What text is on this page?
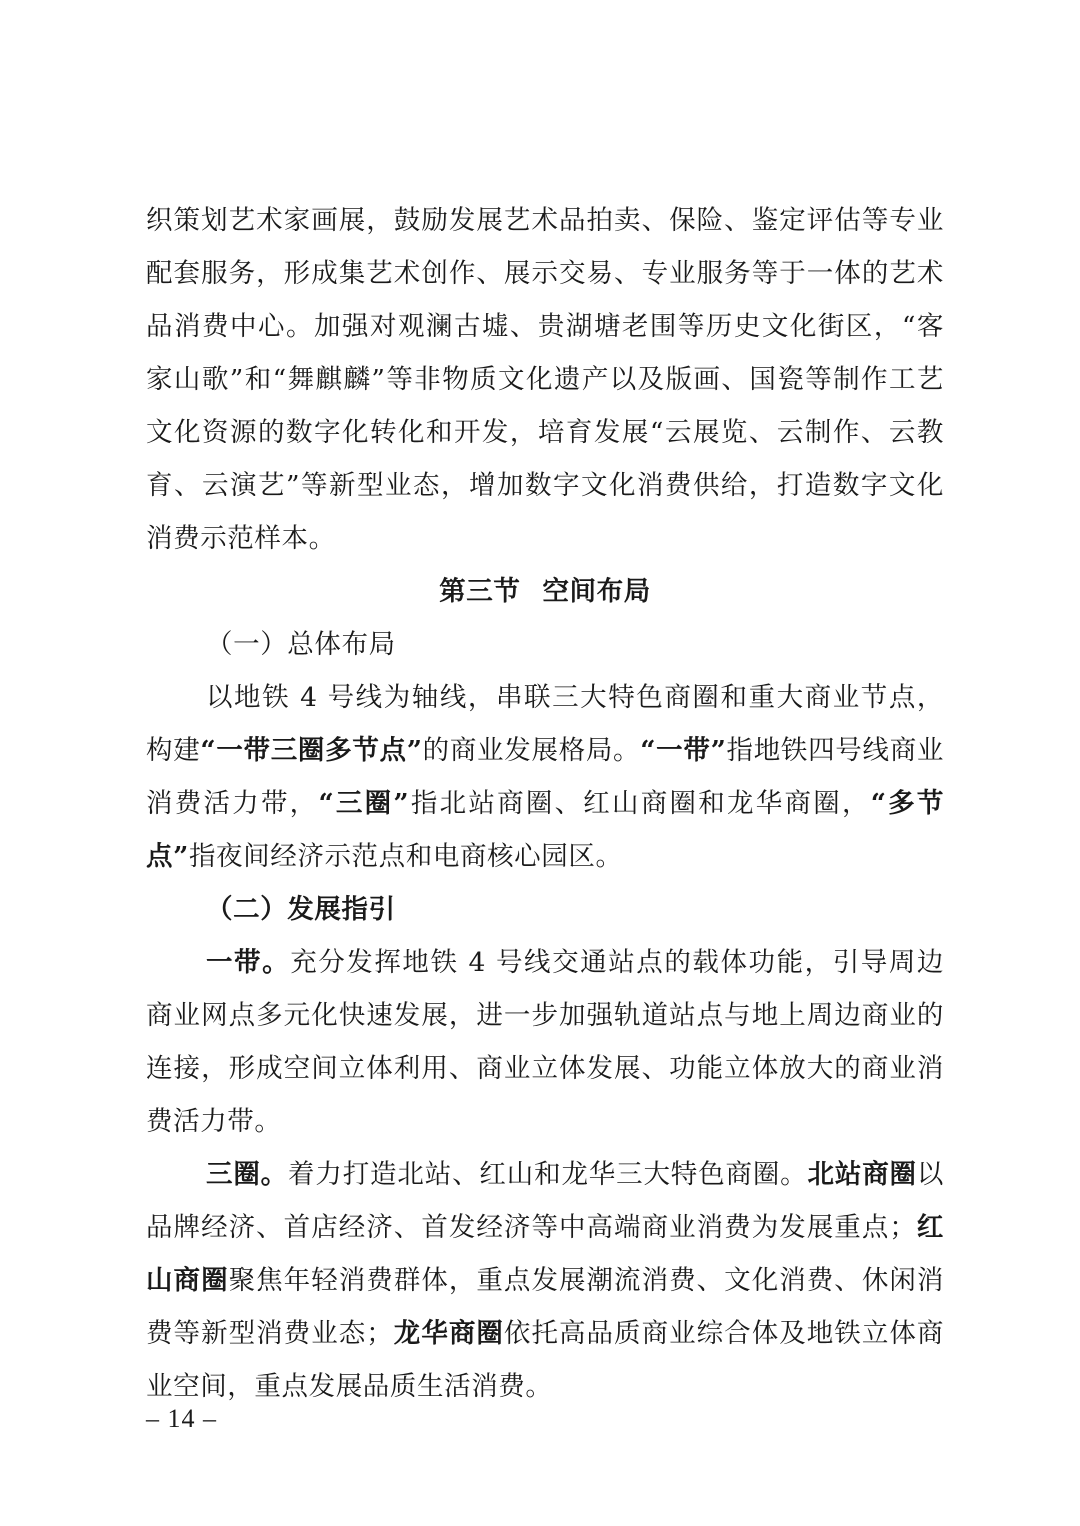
织策划艺术家画展，鼓励发展艺术品拍卖、保险、鉴定评估等专业配套服务，形成集艺术创作、展示交易、专业服务等于一体的艺术品消费中心。加强对观澜古墟、贵湖塘老围等历史文化街区，“客家山歌”和“舞麒麟”等非物质文化遗产以及版画、国瓷等制作工艺文化资源的数字化转化和开发，培育发展“云展览、云制作、云教育、云演艺”等新型业态，增加数字文化消费供给，打造数字文化消费示范样本。

第三节 空间布局

（一）总体布局

以地铁 4 号线为轴线，串联三大特色商圈和重大商业节点，构建“一带三圈多节点”的商业发展格局。“一带”指地铁四号线商业消费活力带，“三圈”指北站商圈、红山商圈和龙华商圈，“多节点”指夜间经济示范点和电商核心园区。

（二）发展指引

一带。充分发挥地铁 4 号线交通站点的载体功能，引导周边商业网点多元化快速发展，进一步加强轨道站点与地上周边商业的连接，形成空间立体利用、商业立体发展、功能立体放大的商业消费活力带。

三圈。着力打造北站、红山和龙华三大特色商圈。北站商圈以品牌经济、首店经济、首发经济等中高端商业消费为发展重点；红山商圈聚焦年轻消费群体，重点发展潮流消费、文化消费、休闲消费等新型消费业态；龙华商圈依托高品质商业综合体及地铁立体商业空间，重点发展品质生活消费。

– 14 –
